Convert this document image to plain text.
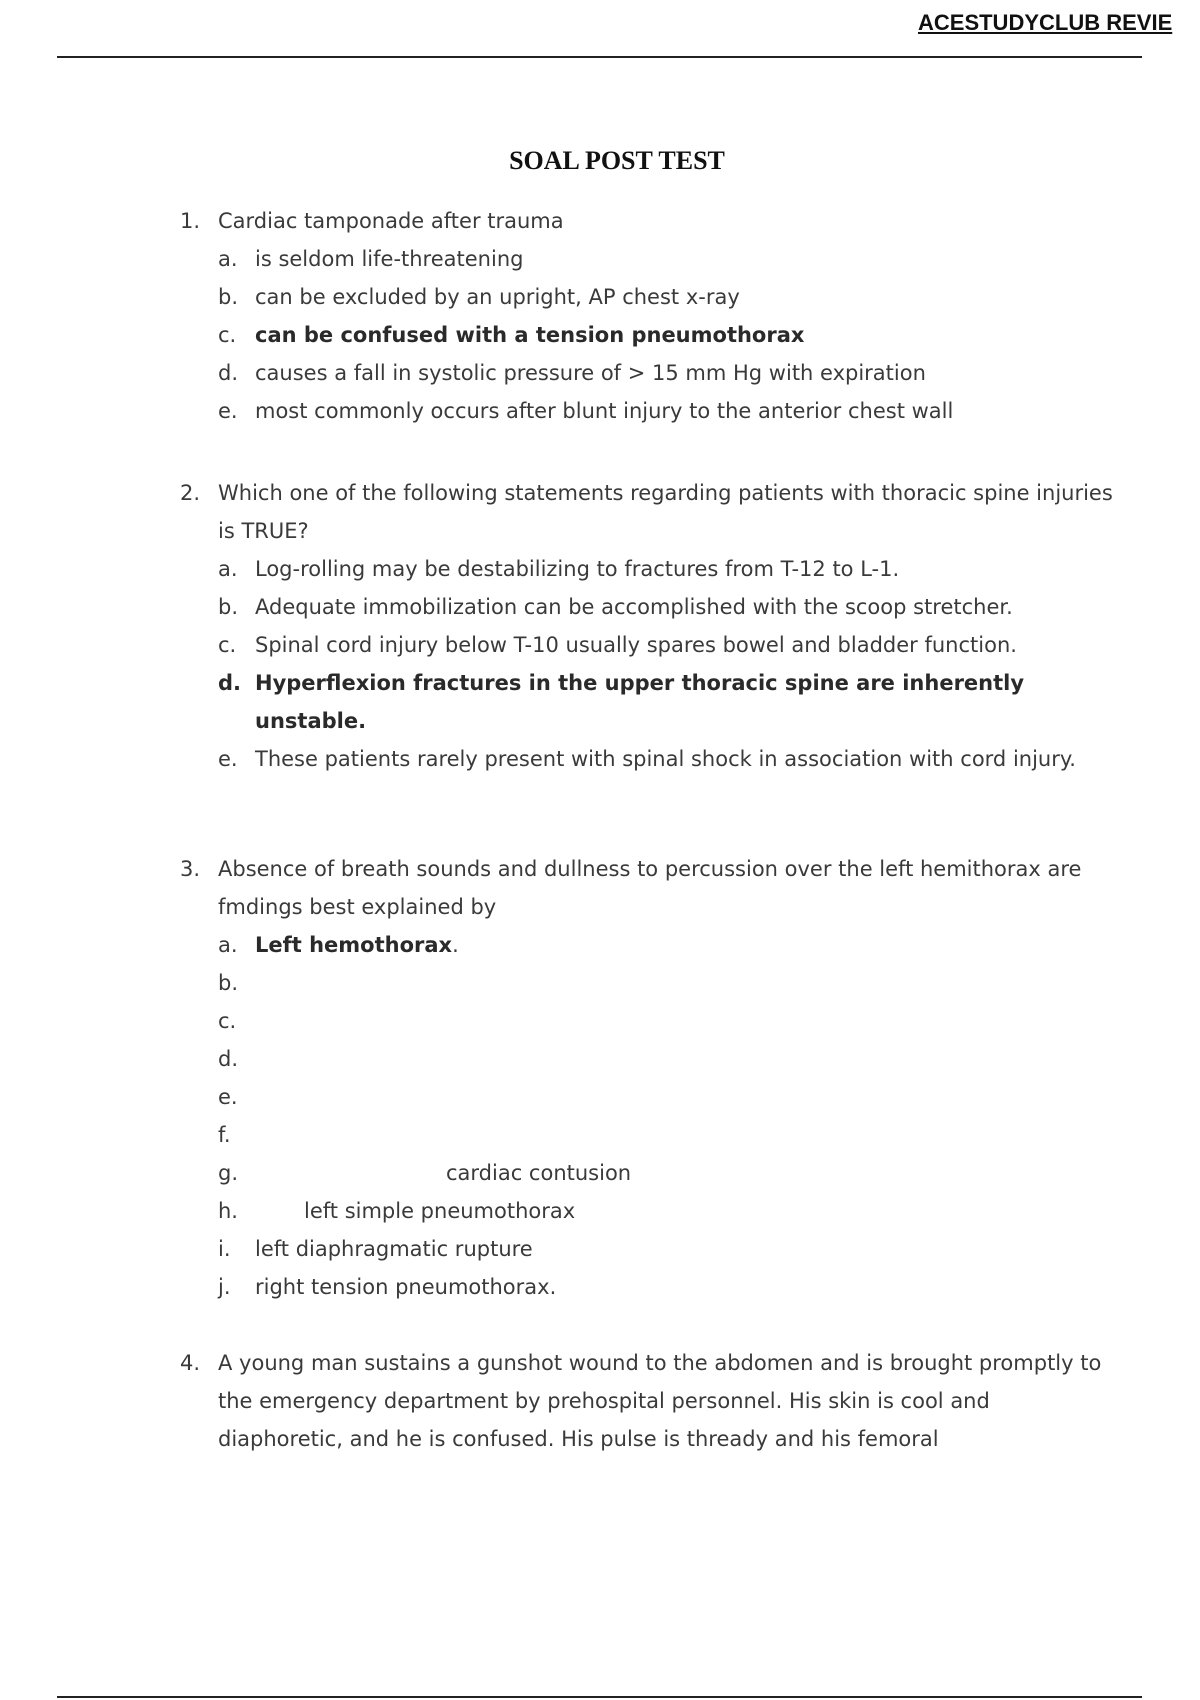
ACESTUDYCLUB REVIE
SOAL POST TEST
1. Cardiac tamponade after trauma
a. is seldom life-threatening
b. can be excluded by an upright, AP chest x-ray
c. can be confused with a tension pneumothorax
d. causes a fall in systolic pressure of > 15 mm Hg with expiration
e. most commonly occurs after blunt injury to the anterior chest wall
2. Which one of the following statements regarding patients with thoracic spine injuries is TRUE?
a. Log-rolling may be destabilizing to fractures from T-12 to L-1.
b. Adequate immobilization can be accomplished with the scoop stretcher.
c. Spinal cord injury below T-10 usually spares bowel and bladder function.
d. Hyperflexion fractures in the upper thoracic spine are inherently unstable.
e. These patients rarely present with spinal shock in association with cord injury.
3. Absence of breath sounds and dullness to percussion over the left hemithorax are fmdings best explained by
a. Left hemothorax.
b.

c.

d.

e.

f.

g.	cardiac contusion
h.	left simple pneumothorax
i. left diaphragmatic rupture
j. right tension pneumothorax.
4. A young man sustains a gunshot wound to the abdomen and is brought promptly to the emergency department by prehospital personnel. His skin is cool and diaphoretic, and he is confused. His pulse is thready and his femoral
